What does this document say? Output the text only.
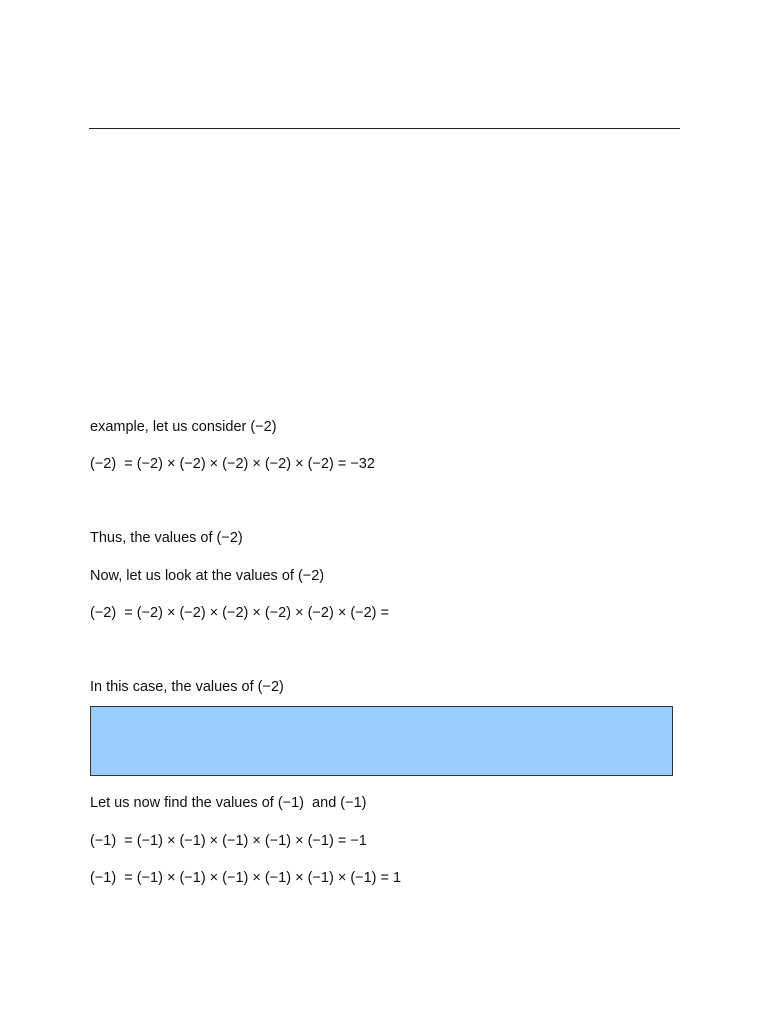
example, let us consider (−2)
(−2)  = (−2) × (−2) × (−2) × (−2) × (−2) = −32
Thus, the values of (−2)
Now, let us look at the values of (−2)
(−2)  = (−2) × (−2) × (−2) × (−2) × (−2) × (−2) =
In this case, the values of (−2)
Let us now find the values of (−1)  and (−1)
(−1)  = (−1) × (−1) × (−1) × (−1) × (−1) = −1
(−1)  = (−1) × (−1) × (−1) × (−1) × (−1) × (−1) = 1
